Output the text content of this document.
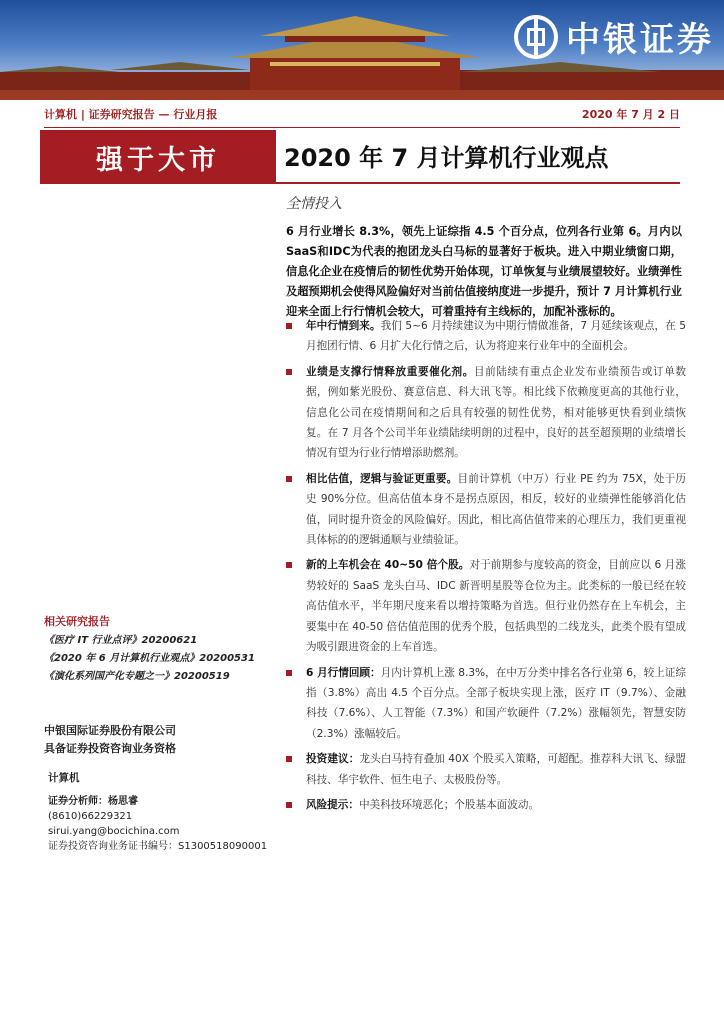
中银证券
计算机 | 证券研究报告 — 行业月报	2020 年 7 月 2 日
强于大市	2020 年 7 月计算机行业观点
全情投入
6 月行业增长 8.3%，领先上证综指 4.5 个百分点，位列各行业第 6。月内以SaaS和IDC为代表的抱团龙头白马标的显著好于板块。进入中期业绩窗口期，信息化企业在疫情后的韧性优势开始体现，订单恢复与业绩展望较好。业绩弹性及超预期机会使得风险偏好对当前估值接纳度进一步提升，预计 7 月计算机行业迎来全面上行行情机会较大，可着重持有主线标的，加配补涨标的。
年中行情到来。我们 5~6 月持续建议为中期行情做准备，7 月延续该观点，在 5 月抱团行情、6 月扩大化行情之后，认为将迎来行业年中的全面机会。
业绩是支撑行情释放重要催化剂。目前陆续有重点企业发布业绩预告或订单数据，例如紫光股份、赛意信息、科大讯飞等。相比线下依赖度更高的其他行业，信息化公司在疫情期间和之后具有较强的韧性优势，相对能够更快看到业绩恢复。在 7 月各个公司半年业绩陆续明朗的过程中，良好的甚至超预期的业绩增长情况有望为行业行情增添助燃剂。
相比估值，逻辑与验证更重要。目前计算机（中万）行业 PE 约为 75X，处于历史 90%分位。但高估值本身不是拐点原因，相反，较好的业绩弹性能够消化估值，同时提升资金的风险偏好。因此，相比高估值带来的心理压力，我们更重视具体标的的逻辑通顺与业绩验证。
新的上车机会在 40~50 倍个股。对于前期参与度较高的资金，目前应以 6 月涨势较好的 SaaS 龙头白马、IDC 新晋明星股等仓位为主。此类标的一般已经在较高估值水平，半年期尺度来看以增持策略为首选。但行业仍然存在上车机会，主要集中在 40-50 倍估值范围的优秀个股，包括典型的二线龙头，此类个股有望成为吸引跟进资金的上车首选。
6 月行情回顾：月内计算机上涨 8.3%，在中万分类中排名各行业第 6，较上证综指（3.8%）高出 4.5 个百分点。全部子板块实现上涨，医疗 IT（9.7%）、金融科技（7.6%）、人工智能（7.3%）和国产软硬件（7.2%）涨幅领先，智慧安防（2.3%）涨幅较后。
投资建议：龙头白马持有叠加 40X 个股买入策略，可超配。推荐科大讯飞、绿盟科技、华宇软件、恒生电子、太极股份等。
风险提示：中美科技环境恶化；个股基本面波动。
相关研究报告
《医疗 IT 行业点评》20200621
《2020 年 6 月计算机行业观点》20200531
《演化系列国产化专题之一》20200519
中银国际证券股份有限公司
具备证券投资咨询业务资格
计算机
证券分析师：杨思睿
(8610)66229321
sirui.yang@bocichina.com
证券投资咨询业务证书编号：S1300518090001
